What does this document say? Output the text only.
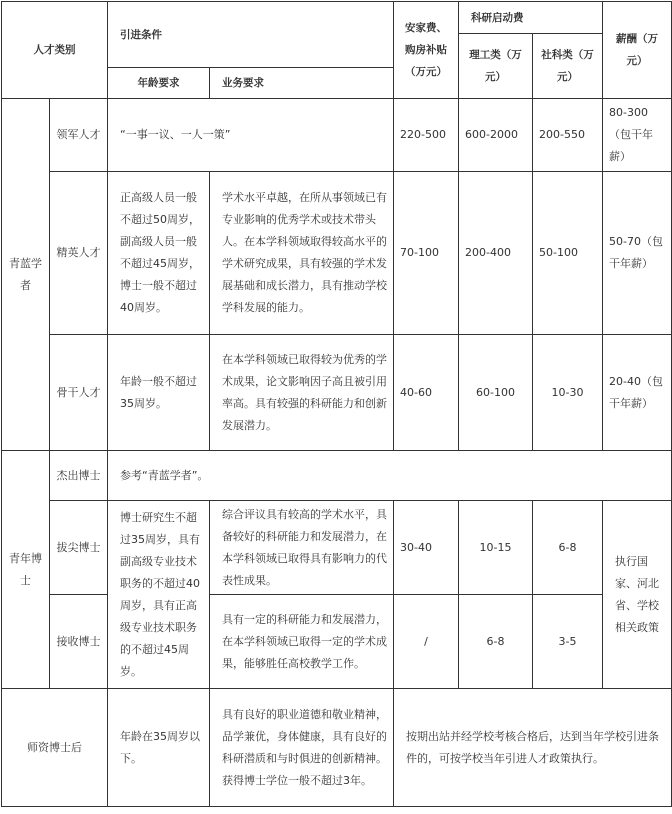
人才类别		引进条件		安家费、购房补贴（万元）	科研启动费		薪酬（万元）
					理工类（万元）	社科类（万元）	
		年龄要求	业务要求				
青蓝学者	领军人才	“一事一议、一人一策”		220-500	600-2000	200-550	80-300（包干年薪）
	精英人才	正高级人员一般不超过50周岁，副高级人员一般不超过45周岁，博士一般不超过40周岁。	学术水平卓越，在所从事领域已有专业影响的优秀学术或技术带头人。在本学科领域取得较高水平的学术研究成果，具有较强的学术发展基础和成长潜力，具有推动学校学科发展的能力。	70-100	200-400	50-100	50-70（包干年薪）
	骨干人才	年龄一般不超过35周岁。	在本学科领域已取得较为优秀的学术成果，论文影响因子高且被引用率高。具有较强的科研能力和创新发展潜力。	40-60	60-100	10-30	20-40（包干年薪）
青年博士	杰出博士	参考“青蓝学者”。					
	拔尖博士	博士研究生不超过35周岁，具有副高级专业技术职务的不超过40周岁，具有正高级专业技术职务的不超过45周岁。	综合评议具有较高的学术水平，具备较好的科研能力和发展潜力，在本学科领域已取得具有影响力的代表性成果。	30-40	10-15	6-8	执行国家、河北省、学校相关政策
	接收博士		具有一定的科研能力和发展潜力，在本学科领域已取得一定的学术成果，能够胜任高校教学工作。	/	6-8	3-5	
师资博士后		年龄在35周岁以下。	具有良好的职业道德和敬业精神，品学兼优，身体健康，具有良好的科研潜质和与时俱进的创新精神。获得博士学位一般不超过3年。	按期出站并经学校考核合格后，达到当年学校引进条件的，可按学校当年引进人才政策执行。			
